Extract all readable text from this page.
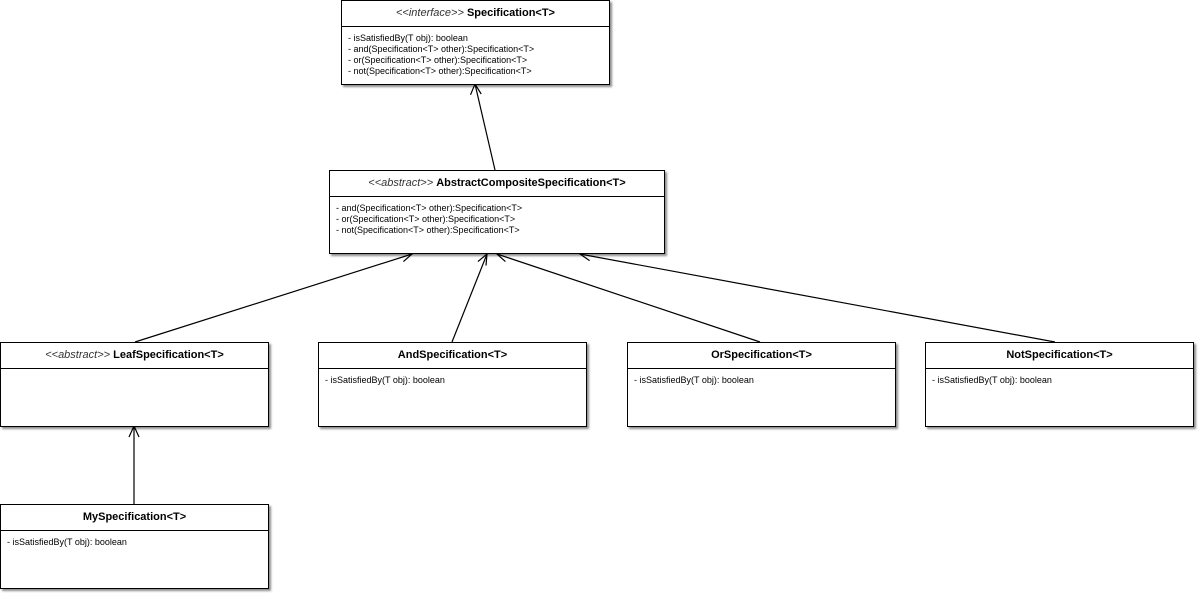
<<interface>> Specification<T>
- isSatisfiedBy(T obj): boolean
- and(Specification<T> other):Specification<T>
- or(Specification<T> other):Specification<T>
- not(Specification<T> other):Specification<T>
<<abstract>> AbstractCompositeSpecification<T>
- and(Specification<T> other):Specification<T>
- or(Specification<T> other):Specification<T>
- not(Specification<T> other):Specification<T>
<<abstract>> LeafSpecification<T>	AndSpecification<T>
- isSatisfiedBy(T obj): boolean
OrSpecification<T>
- isSatisfiedBy(T obj): boolean
NotSpecification<T>
- isSatisfiedBy(T obj): boolean
MySpecification<T>
- isSatisfiedBy(T obj): boolean
